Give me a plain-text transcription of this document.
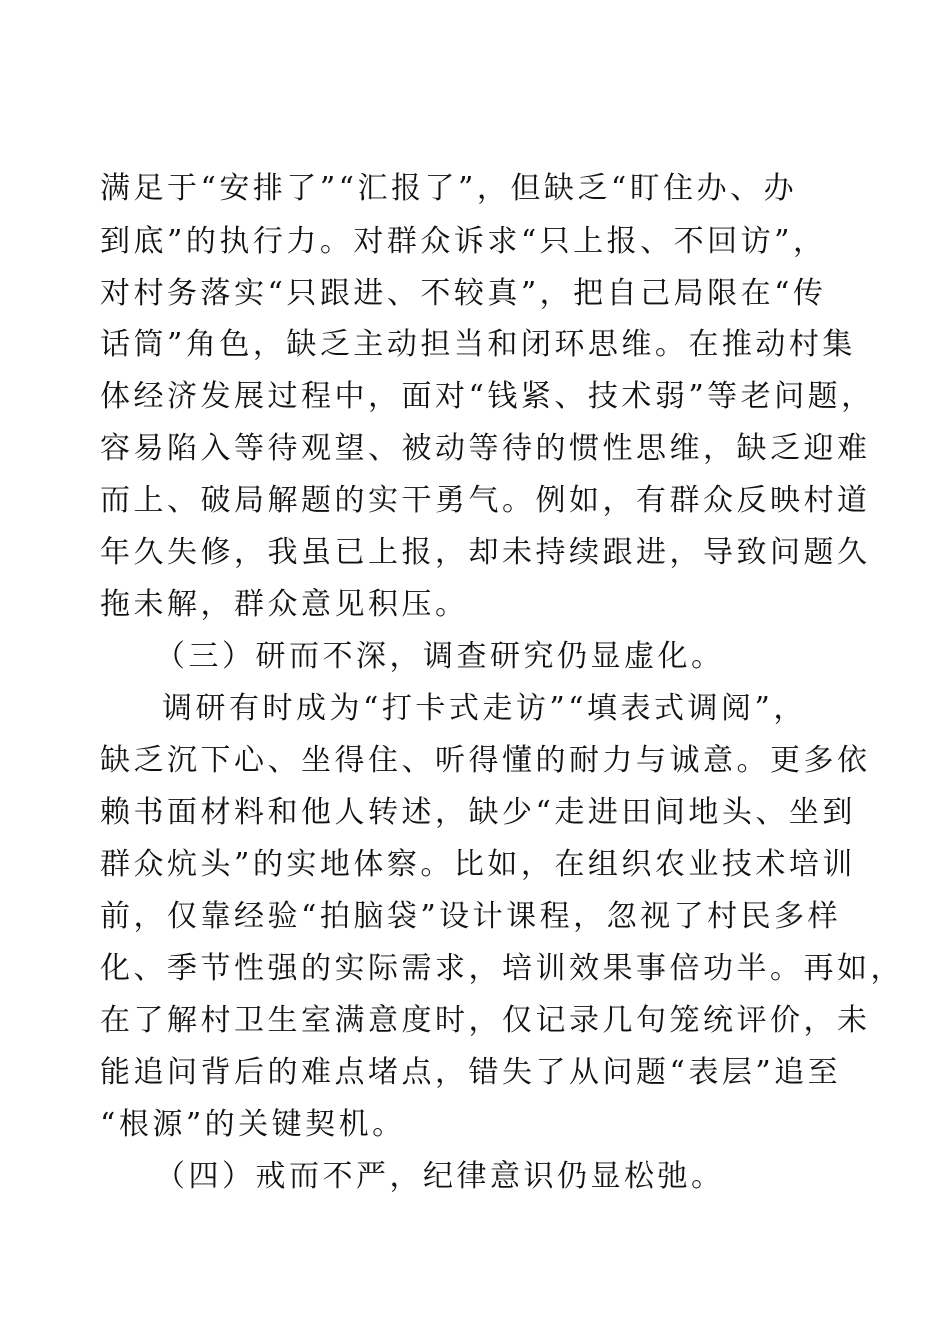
满足于“安排了”“汇报了”，但缺乏“盯住办、办
到底”的执行力。对群众诉求“只上报、不回访”，
对村务落实“只跟进、不较真”，把自己局限在“传
话筒”角色，缺乏主动担当和闭环思维。在推动村集
体经济发展过程中，面对“钱紧、技术弱”等老问题，
容易陷入等待观望、被动等待的惯性思维，缺乏迎难
而上、破局解题的实干勇气。例如，有群众反映村道
年久失修，我虽已上报，却未持续跟进，导致问题久
拖未解，群众意见积压。
（三）研而不深，调查研究仍显虚化。
调研有时成为“打卡式走访”“填表式调阅”，
缺乏沉下心、坐得住、听得懂的耐力与诚意。更多依
赖书面材料和他人转述，缺少“走进田间地头、坐到
群众炕头”的实地体察。比如，在组织农业技术培训
前，仅靠经验“拍脑袋”设计课程，忽视了村民多样
化、季节性强的实际需求，培训效果事倍功半。再如，
在了解村卫生室满意度时，仅记录几句笼统评价，未
能追问背后的难点堵点，错失了从问题“表层”追至
“根源”的关键契机。
（四）戒而不严，纪律意识仍显松弛。
